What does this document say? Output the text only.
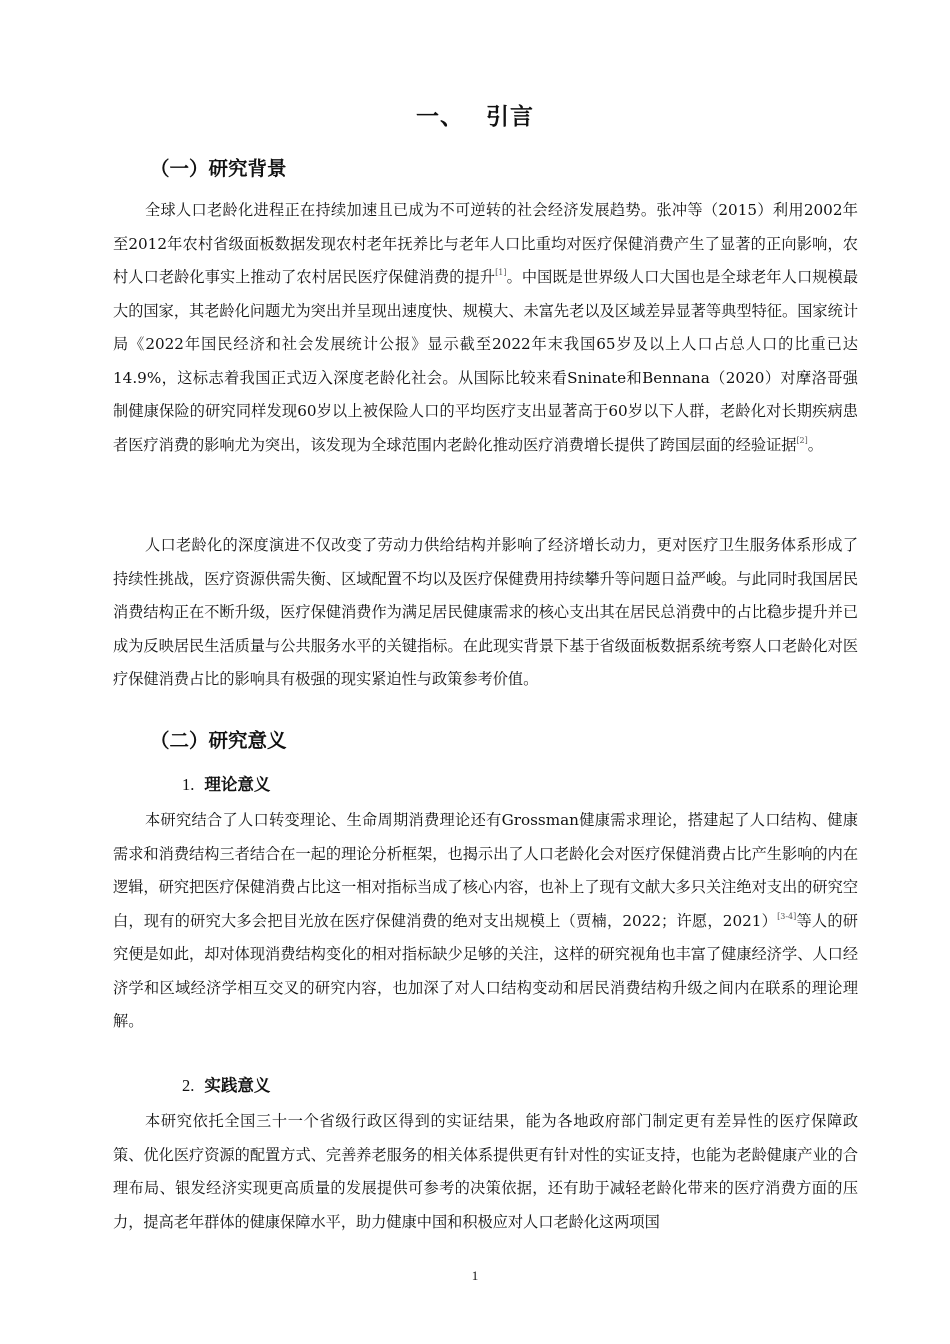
一、 引言
（一）研究背景

全球人口老龄化进程正在持续加速且已成为不可逆转的社会经济发展趋势。张冲等（2015）利用2002年至2012年农村省级面板数据发现农村老年抚养比与老年人口比重均对医疗保健消费产生了显著的正向影响，农村人口老龄化事实上推动了农村居民医疗保健消费的提升[1]。中国既是世界级人口大国也是全球老年人口规模最大的国家，其老龄化问题尤为突出并呈现出速度快、规模大、未富先老以及区域差异显著等典型特征。国家统计局《2022年国民经济和社会发展统计公报》显示截至2022年末我国65岁及以上人口占总人口的比重已达14.9%，这标志着我国正式迈入深度老龄化社会。从国际比较来看Sninate和Bennana（2020）对摩洛哥强制健康保险的研究同样发现60岁以上被保险人口的平均医疗支出显著高于60岁以下人群，老龄化对长期疾病患者医疗消费的影响尤为突出，该发现为全球范围内老龄化推动医疗消费增长提供了跨国层面的经验证据[2]。

人口老龄化的深度演进不仅改变了劳动力供给结构并影响了经济增长动力，更对医疗卫生服务体系形成了持续性挑战，医疗资源供需失衡、区域配置不均以及医疗保健费用持续攀升等问题日益严峻。与此同时我国居民消费结构正在不断升级，医疗保健消费作为满足居民健康需求的核心支出其在居民总消费中的占比稳步提升并已成为反映居民生活质量与公共服务水平的关键指标。在此现实背景下基于省级面板数据系统考察人口老龄化对医疗保健消费占比的影响具有极强的现实紧迫性与政策参考价值。

（二）研究意义
1. 理论意义

本研究结合了人口转变理论、生命周期消费理论还有Grossman健康需求理论，搭建起了人口结构、健康需求和消费结构三者结合在一起的理论分析框架，也揭示出了人口老龄化会对医疗保健消费占比产生影响的内在逻辑，研究把医疗保健消费占比这一相对指标当成了核心内容，也补上了现有文献大多只关注绝对支出的研究空白，现有的研究大多会把目光放在医疗保健消费的绝对支出规模上（贾楠，2022；许愿，2021）[3-4]等人的研究便是如此，却对体现消费结构变化的相对指标缺少足够的关注，这样的研究视角也丰富了健康经济学、人口经济学和区域经济学相互交叉的研究内容，也加深了对人口结构变动和居民消费结构升级之间内在联系的理论理解。

2. 实践意义

本研究依托全国三十一个省级行政区得到的实证结果，能为各地政府部门制定更有差异性的医疗保障政策、优化医疗资源的配置方式、完善养老服务的相关体系提供更有针对性的实证支持，也能为老龄健康产业的合理布局、银发经济实现更高质量的发展提供可参考的决策依据，还有助于减轻老龄化带来的医疗消费方面的压力，提高老年群体的健康保障水平，助力健康中国和积极应对人口老龄化这两项国

1
